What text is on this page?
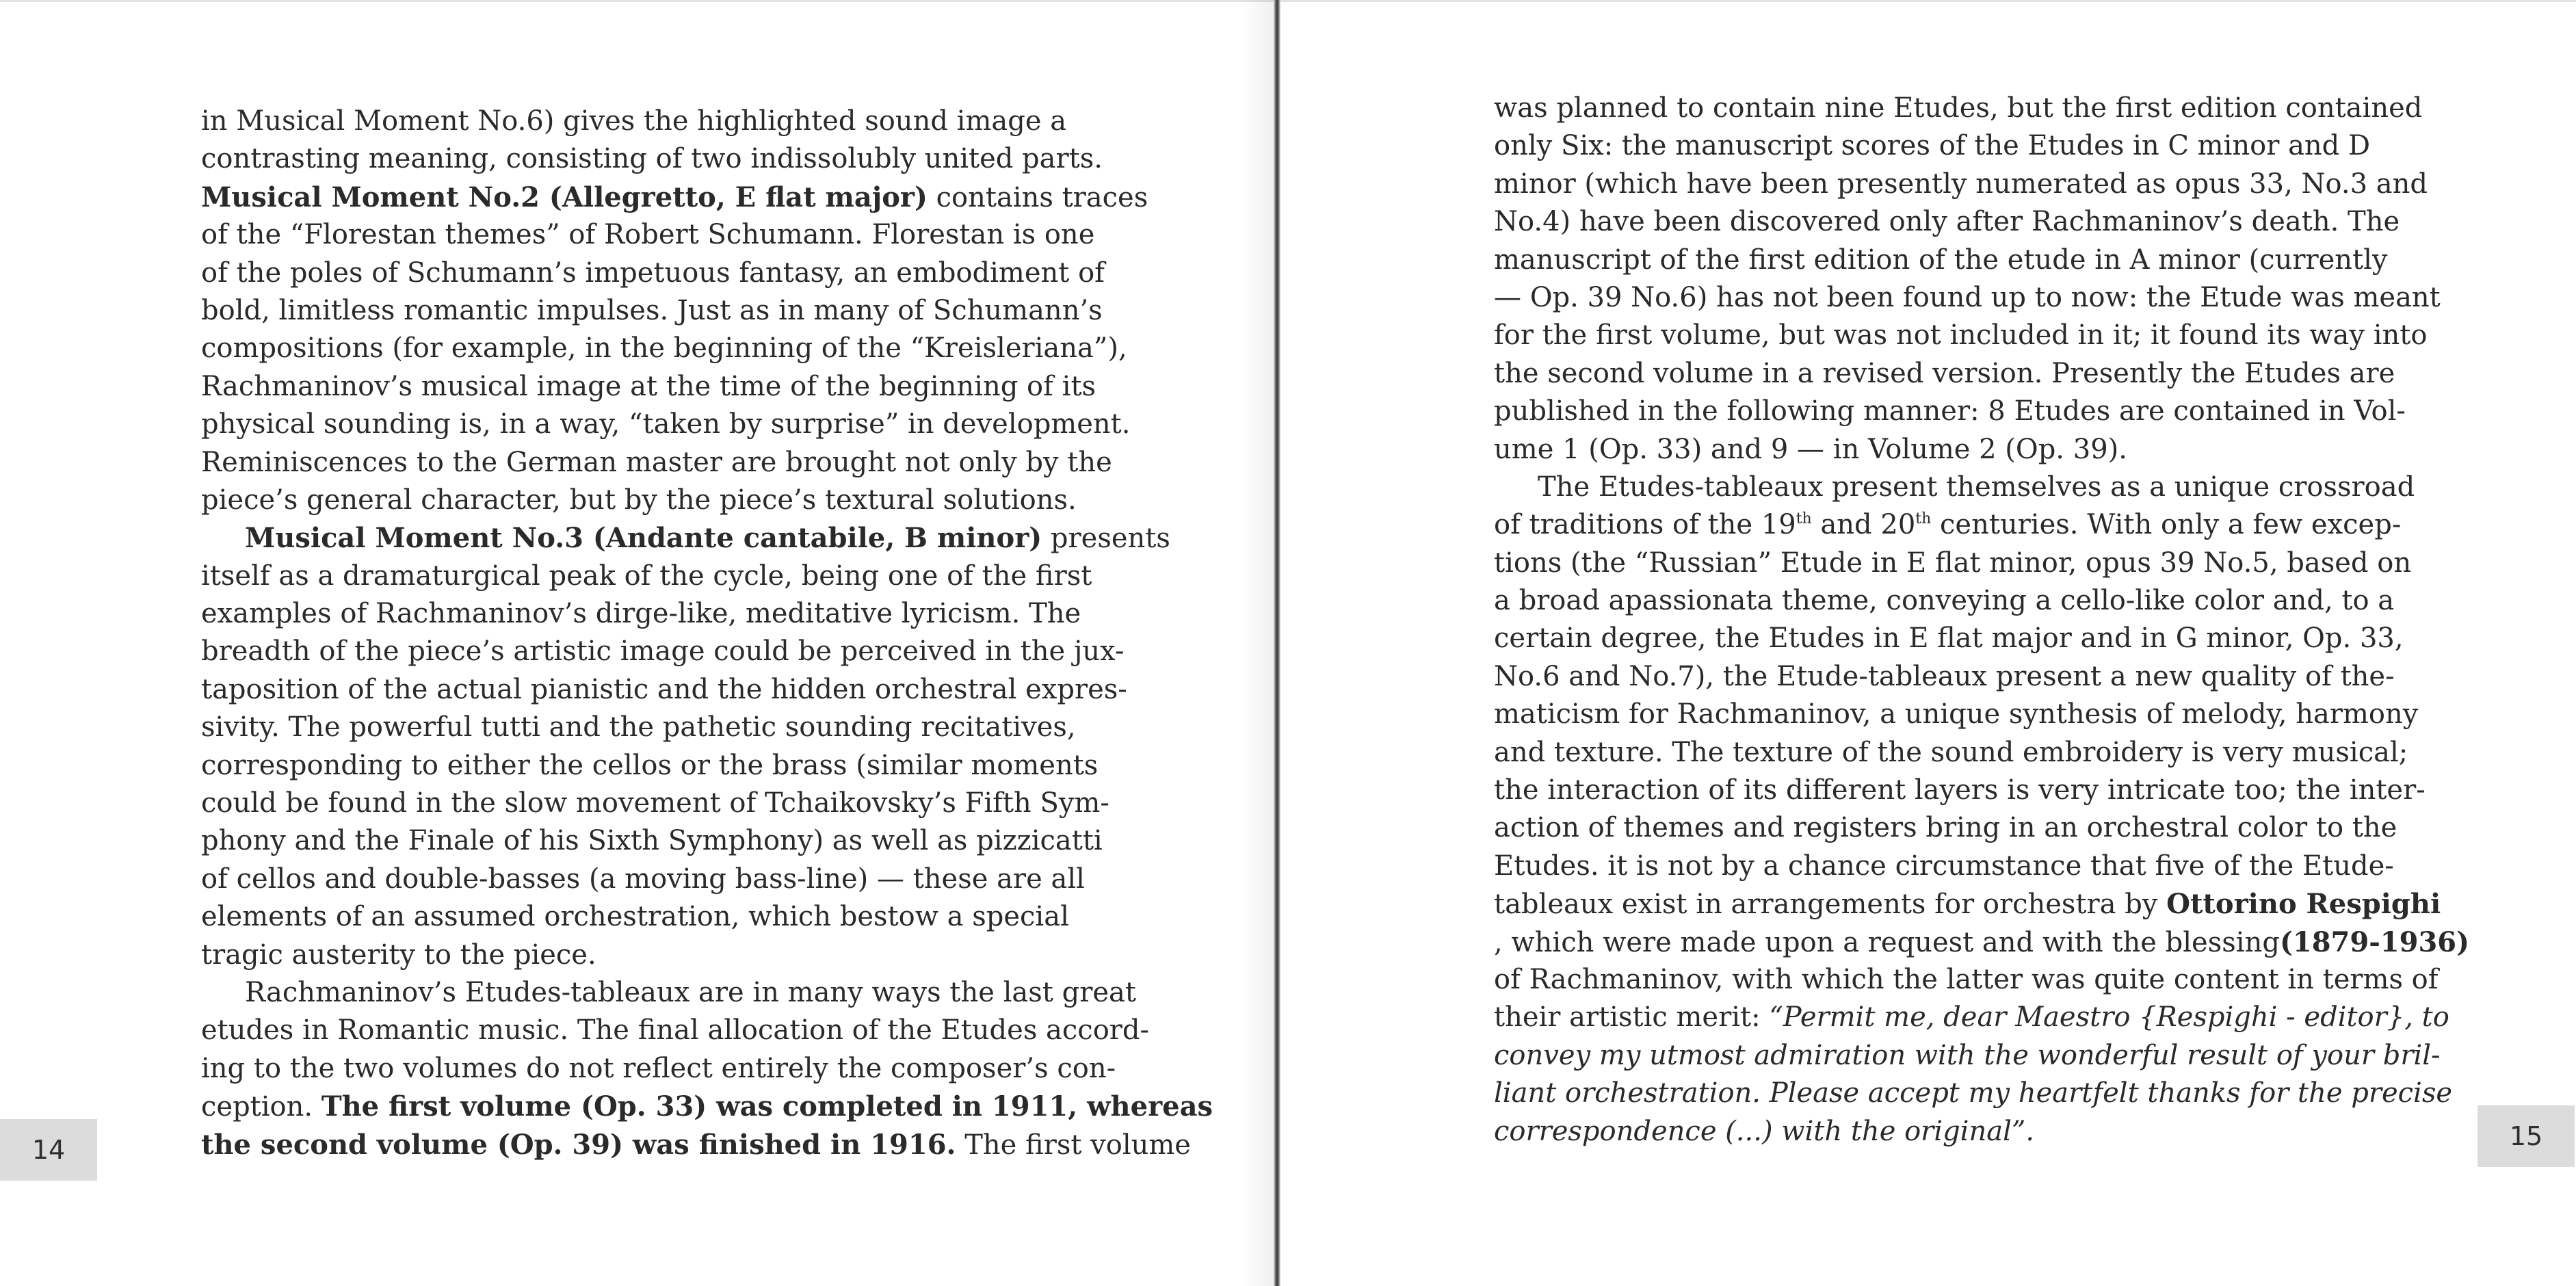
in Musical Moment No.6) gives the highlighted sound image a
contrasting meaning, consisting of two indissolubly united parts.
Musical Moment No.2 (Allegretto, E flat major) contains traces
of the “Florestan themes” of Robert Schumann. Florestan is one
of the poles of Schumann’s impetuous fantasy, an embodiment of
bold, limitless romantic impulses. Just as in many of Schumann’s
compositions (for example, in the beginning of the “Kreisleriana”),
Rachmaninov’s musical image at the time of the beginning of its
physical sounding is, in a way, “taken by surprise” in development.
Reminiscences to the German master are brought not only by the
piece’s general character, but by the piece’s textural solutions.
Musical Moment No.3 (Andante cantabile, B minor) presents
itself as a dramaturgical peak of the cycle, being one of the first
examples of Rachmaninov’s dirge-like, meditative lyricism. The
breadth of the piece’s artistic image could be perceived in the jux-
taposition of the actual pianistic and the hidden orchestral expres-
sivity. The powerful tutti and the pathetic sounding recitatives,
corresponding to either the cellos or the brass (similar moments
could be found in the slow movement of Tchaikovsky’s Fifth Sym-
phony and the Finale of his Sixth Symphony) as well as pizzicatti
of cellos and double-basses (a moving bass-line) — these are all
elements of an assumed orchestration, which bestow a special
tragic austerity to the piece.
Rachmaninov’s Etudes-tableaux are in many ways the last great
etudes in Romantic music. The final allocation of the Etudes accord-
ing to the two volumes do not reflect entirely the composer’s con-
ception. The first volume (Op. 33) was completed in 1911, whereas
the second volume (Op. 39) was finished in 1916. The first volume
was planned to contain nine Etudes, but the first edition contained
only Six: the manuscript scores of the Etudes in C minor and D
minor (which have been presently numerated as opus 33, No.3 and
No.4) have been discovered only after Rachmaninov’s death. The
manuscript of the first edition of the etude in A minor (currently
— Op. 39 No.6) has not been found up to now: the Etude was meant
for the first volume, but was not included in it; it found its way into
the second volume in a revised version. Presently the Etudes are
published in the following manner: 8 Etudes are contained in Vol-
ume 1 (Op. 33) and 9 — in Volume 2 (Op. 39).
The Etudes-tableaux present themselves as a unique crossroad
of traditions of the 19th and 20th centuries. With only a few excep-
tions (the “Russian” Etude in E flat minor, opus 39 No.5, based on
a broad apassionata theme, conveying a cello-like color and, to a
certain degree, the Etudes in E flat major and in G minor, Op. 33,
No.6 and No.7), the Etude-tableaux present a new quality of the-
maticism for Rachmaninov, a unique synthesis of melody, harmony
and texture. The texture of the sound embroidery is very musical;
the interaction of its different layers is very intricate too; the inter-
action of themes and registers bring in an orchestral color to the
Etudes. it is not by a chance circumstance that five of the Etude-
tableaux exist in arrangements for orchestra by Ottorino Respighi
, which were made upon a request and with the blessing(1879-1936)
of Rachmaninov, with which the latter was quite content in terms of
their artistic merit: “Permit me, dear Maestro {Respighi - editor}, to
convey my utmost admiration with the wonderful result of your bril-
liant orchestration. Please accept my heartfelt thanks for the precise
correspondence (...) with the original”.
14	15
